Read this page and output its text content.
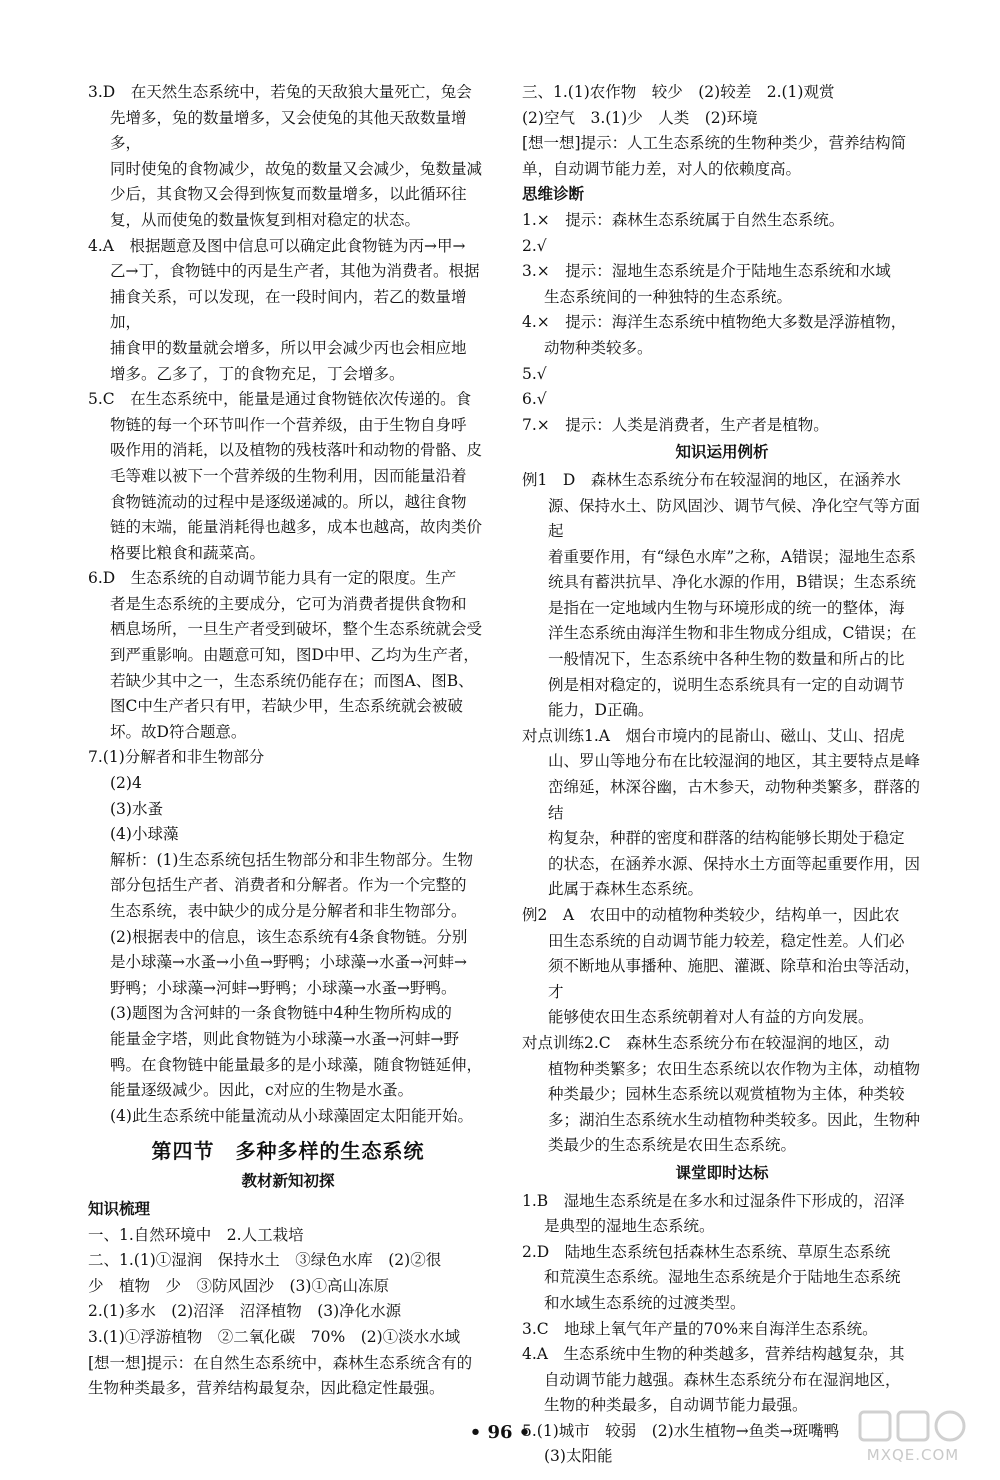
3.D　在天然生态系统中，若兔的天敌狼大量死亡，兔会

先增多，兔的数量增多，又会使兔的其他天敌数量增多，

同时使兔的食物减少，故兔的数量又会减少，兔数量减

少后，其食物又会得到恢复而数量增多，以此循环往

复，从而使兔的数量恢复到相对稳定的状态。

4.A　根据题意及图中信息可以确定此食物链为丙→甲→

乙→丁，食物链中的丙是生产者，其他为消费者。根据

捕食关系，可以发现，在一段时间内，若乙的数量增加，

捕食甲的数量就会增多，所以甲会减少丙也会相应地

增多。乙多了，丁的食物充足，丁会增多。

5.C　在生态系统中，能量是通过食物链依次传递的。食

物链的每一个环节叫作一个营养级，由于生物自身呼

吸作用的消耗，以及植物的残枝落叶和动物的骨骼、皮

毛等难以被下一个营养级的生物利用，因而能量沿着

食物链流动的过程中是逐级递减的。所以，越往食物

链的末端，能量消耗得也越多，成本也越高，故肉类价

格要比粮食和蔬菜高。

6.D　生态系统的自动调节能力具有一定的限度。生产

者是生态系统的主要成分，它可为消费者提供食物和

栖息场所，一旦生产者受到破坏，整个生态系统就会受

到严重影响。由题意可知，图D中甲、乙均为生产者，

若缺少其中之一，生态系统仍能存在；而图A、图B、

图C中生产者只有甲，若缺少甲，生态系统就会被破

坏。故D符合题意。

7.(1)分解者和非生物部分

(2)4

(3)水蚤

(4)小球藻

解析：(1)生态系统包括生物部分和非生物部分。生物

部分包括生产者、消费者和分解者。作为一个完整的

生态系统，表中缺少的成分是分解者和非生物部分。

(2)根据表中的信息，该生态系统有4条食物链。分别

是小球藻→水蚤→小鱼→野鸭；小球藻→水蚤→河蚌→

野鸭；小球藻→河蚌→野鸭；小球藻→水蚤→野鸭。

(3)题图为含河蚌的一条食物链中4种生物所构成的

能量金字塔，则此食物链为小球藻→水蚤→河蚌→野

鸭。在食物链中能量最多的是小球藻，随食物链延伸，

能量逐级减少。因此，c对应的生物是水蚤。

(4)此生态系统中能量流动从小球藻固定太阳能开始。

第四节　多种多样的生态系统
教材新知初探

知识梳理

一、1.自然环境中　2.人工栽培

二、1.(1)①湿润　保持水土　③绿色水库　(2)②很

少　植物　少　③防风固沙　(3)①高山冻原

2.(1)多水　(2)沼泽　沼泽植物　(3)净化水源

3.(1)①浮游植物　②二氧化碳　70%　(2)①淡水水域

[想一想]提示：在自然生态系统中，森林生态系统含有的

生物种类最多，营养结构最复杂，因此稳定性最强。

三、1.(1)农作物　较少　(2)较差　2.(1)观赏

(2)空气　3.(1)少　人类　(2)环境

[想一想]提示：人工生态系统的生物种类少，营养结构简

单，自动调节能力差，对人的依赖度高。

思维诊断

1.×　提示：森林生态系统属于自然生态系统。

2.√

3.×　提示：湿地生态系统是介于陆地生态系统和水域

生态系统间的一种独特的生态系统。

4.×　提示：海洋生态系统中植物绝大多数是浮游植物，

动物种类较多。

5.√

6.√

7.×　提示：人类是消费者，生产者是植物。

知识运用例析

例1　D　森林生态系统分布在较湿润的地区，在涵养水

源、保持水土、防风固沙、调节气候、净化空气等方面起

着重要作用，有“绿色水库”之称，A错误；湿地生态系

统具有蓄洪抗旱、净化水源的作用，B错误；生态系统

是指在一定地域内生物与环境形成的统一的整体，海

洋生态系统由海洋生物和非生物成分组成，C错误；在

一般情况下，生态系统中各种生物的数量和所占的比

例是相对稳定的，说明生态系统具有一定的自动调节

能力，D正确。

对点训练1.A　烟台市境内的昆嵛山、磁山、艾山、招虎

山、罗山等地分布在比较湿润的地区，其主要特点是峰

峦绵延，林深谷幽，古木参天，动物种类繁多，群落的结

构复杂，种群的密度和群落的结构能够长期处于稳定

的状态，在涵养水源、保持水土方面等起重要作用，因

此属于森林生态系统。

例2　A　农田中的动植物种类较少，结构单一，因此农

田生态系统的自动调节能力较差，稳定性差。人们必

须不断地从事播种、施肥、灌溉、除草和治虫等活动，才

能够使农田生态系统朝着对人有益的方向发展。

对点训练2.C　森林生态系统分布在较湿润的地区，动

植物种类繁多；农田生态系统以农作物为主体，动植物

种类最少；园林生态系统以观赏植物为主体，种类较

多；湖泊生态系统水生动植物种类较多。因此，生物种

类最少的生态系统是农田生态系统。

课堂即时达标

1.B　湿地生态系统是在多水和过湿条件下形成的，沼泽

是典型的湿地生态系统。

2.D　陆地生态系统包括森林生态系统、草原生态系统

和荒漠生态系统。湿地生态系统是介于陆地生态系统

和水域生态系统的过渡类型。

3.C　地球上氧气年产量的70%来自海洋生态系统。

4.A　生态系统中生物的种类越多，营养结构越复杂，其

自动调节能力越强。森林生态系统分布在湿润地区，

生物的种类最多，自动调节能力最强。

5.(1)城市　较弱　(2)水生植物→鱼类→斑嘴鸭

(3)太阳能

• 96 •
MXQE.COM
